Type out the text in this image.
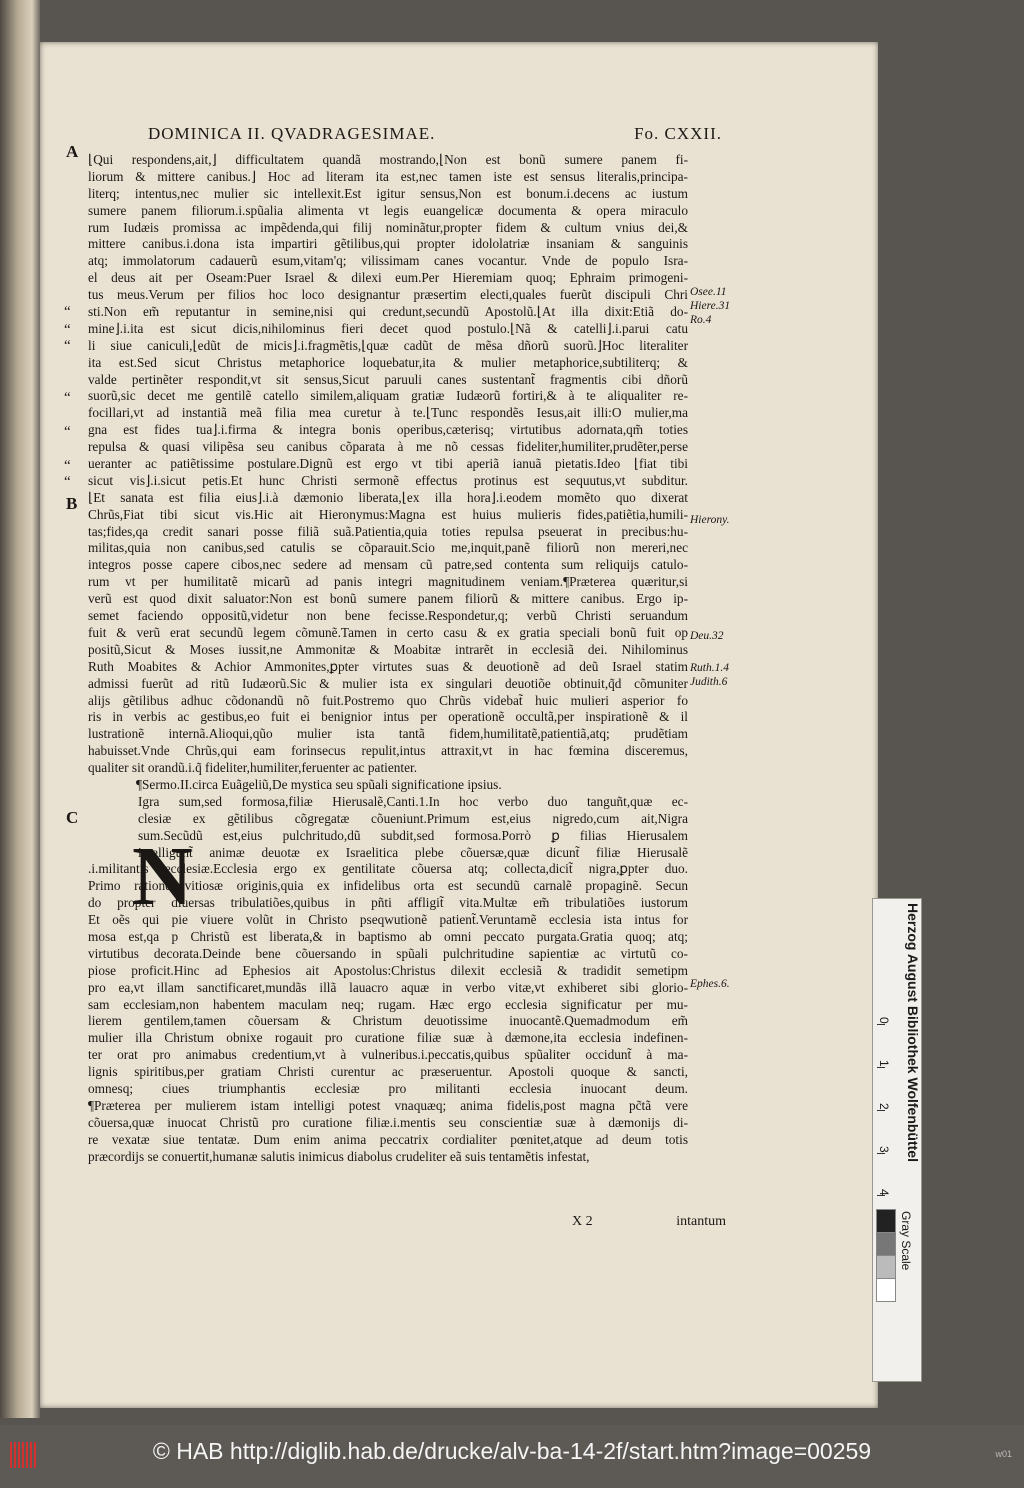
DOMINICA II. QVADRAGESIMAE.	Fo. CXXII.
A
B
C
“
“
“
“
“
“
“
⌊Qui respondens,ait,⌋ difficultatem quandã mostrando,⌊Non est bonũ sumere panem fi-
liorum & mittere canibus.⌋ Hoc ad literam ita est,nec tamen iste est sensus literalis,principa-
literq; intentus,nec mulier sic intellexit.Est igitur sensus,Non est bonum.i.decens ac iustum
sumere panem filiorum.i.spũalia alimenta vt legis euangelicæ documenta & opera miraculo
rum Iudæis promissa ac impẽdenda,qui filij nominãtur,propter fidem & cultum vnius dei,&
mittere canibus.i.dona ista impartiri gẽtilibus,qui propter idololatriæ insaniam & sanguinis
atq; immolatorum cadauerũ esum,vitam'q; vilissimam canes vocantur. Vnde de populo Isra-
el deus ait per Oseam:Puer Israel & dilexi eum.Per Hieremiam quoq; Ephraim primogeni-
tus meus.Verum per filios hoc loco designantur præsertim electi,quales fuerũt discipuli Chri
sti.Non em̃ reputantur in semine,nisi qui credunt,secundũ Apostolũ.⌊At illa dixit:Etiã do-
mine⌋.i.ita est sicut dicis,nihilominus fieri decet quod postulo.⌊Nã & catelli⌋.i.parui catu
li siue caniculi,⌊edũt de micis⌋.i.fragmẽtis,⌊quæ cadũt de mẽsa dñorũ suorũ.⌋Hoc literaliter
ita est.Sed sicut Christus metaphorice loquebatur,ita & mulier metaphorice,subtiliterq; &
valde pertinẽter respondit,vt sit sensus,Sicut paruuli canes sustentant̃ fragmentis cibi dñorũ
suorũ,sic decet me gentilẽ catello similem,aliquam gratiæ Iudæorũ fortiri,& à te aliqualiter re-
focillari,vt ad instantiã meã filia mea curetur à te.⌊Tunc respondẽs Iesus,ait illi:O mulier,ma
gna est fides tua⌋.i.firma & integra bonis operibus,cæterisq; virtutibus adornata,qm̃ toties
repulsa & quasi vilipẽsa seu canibus cõparata à me nõ cessas fideliter,humiliter,prudẽter,perse
ueranter ac patiẽtissime postulare.Dignũ est ergo vt tibi aperiã ianuã pietatis.Ideo ⌊fiat tibi
sicut vis⌋.i.sicut petis.Et hunc Christi sermonẽ effectus protinus est sequutus,vt subditur.
⌊Et sanata est filia eius⌋.i.à dæmonio liberata,⌊ex illa hora⌋.i.eodem momẽto quo dixerat
Chrũs,Fiat tibi sicut vis.Hic ait Hieronymus:Magna est huius mulieris fides,patiẽtia,humili-
tas;fides,qa credit sanari posse filiã suã.Patientia,quia toties repulsa pseuerat in precibus:hu-
militas,quia non canibus,sed catulis se cõparauit.Scio me,inquit,panẽ filiorũ non mereri,nec
integros posse capere cibos,nec sedere ad mensam cũ patre,sed contenta sum reliquijs catulo-
rum vt per humilitatẽ micarũ ad panis integri magnitudinem veniam.¶Præterea quæritur,si
verũ est quod dixit saluator:Non est bonũ sumere panem filiorũ & mittere canibus. Ergo ip-
semet faciendo oppositũ,videtur non bene fecisse.Respondetur,q; verbũ Christi seruandum
fuit & verũ erat secundũ legem cõmunẽ.Tamen in certo casu & ex gratia speciali bonũ fuit op
positũ,Sicut & Moses iussit,ne Ammonitæ & Moabitæ intrarẽt in ecclesiã dei. Nihilominus
Ruth Moabites & Achior Ammonites,ꝑpter virtutes suas & deuotionẽ ad deũ Israel statim
admissi fuerũt ad ritũ Iudæorũ.Sic & mulier ista ex singulari deuotiõe obtinuit,q̃d cõmuniter
alijs gẽtilibus adhuc cõdonandũ nõ fuit.Postremo quo Chrũs videbat̃ huic mulieri asperior fo
ris in verbis ac gestibus,eo fuit ei benignior intus per operationẽ occultã,per inspirationẽ & il
lustrationẽ internã.Alioqui,qũo mulier ista tantã fidem,humilitatẽ,patientiã,atq; prudẽtiam
habuisset.Vnde Chrũs,qui eam forinsecus repulit,intus attraxit,vt in hac fœmina disceremus,
qualiter sit orandũ.i.q̃ fideliter,humiliter,feruenter ac patienter.
¶Sermo.II.circa Euãgeliũ,De mystica seu spũali significatione ipsius.
Igra sum,sed formosa,filiæ Hierusalẽ,Canti.1.In hoc verbo duo tanguñt,quæ ec-
clesiæ ex gẽtilibus cõgregatæ cõueniunt.Primum est,eius nigredo,cum ait,Nigra
sum.Secũdũ est,eius pulchritudo,dũ subdit,sed formosa.Porrò ꝑ filias Hierusalem
intelligunt̃ animæ deuotæ ex Israelitica plebe cõuersæ,quæ dicunt̃ filiæ Hierusalẽ
.i.militantis ecclesiæ.Ecclesia ergo ex gentilitate cõuersa atq; collecta,dicit̃ nigra,ꝑpter duo.
Primo ratione vitiosæ originis,quia ex infidelibus orta est secundũ carnalẽ propaginẽ. Secun
do propter diuersas tribulatiões,quibus in pñti affligit̃ vita.Multæ em̃ tribulatiões iustorum
Et oẽs qui pie viuere volũt in Christo pseqwutionẽ patient̃.Veruntamẽ ecclesia ista intus for
mosa est,qa p Christũ est liberata,& in baptismo ab omni peccato purgata.Gratia quoq; atq;
virtutibus decorata.Deinde bene cõuersando in spũali pulchritudine sapientiæ ac virtutũ co-
piose proficit.Hinc ad Ephesios ait Apostolus:Christus dilexit ecclesiã & tradidit semetipm
pro ea,vt illam sanctificaret,mundãs illã lauacro aquæ in verbo vitæ,vt exhiberet sibi glorio-
sam ecclesiam,non habentem maculam neq; rugam. Hæc ergo ecclesia significatur per mu-
lierem gentilem,tamen cõuersam & Christum deuotissime inuocantẽ.Quemadmodum em̃
mulier illa Christum obnixe rogauit pro curatione filiæ suæ à dæmone,ita ecclesia indefinen-
ter orat pro animabus credentium,vt à vulneribus.i.peccatis,quibus spũaliter occidunt̃ à ma-
lignis spiritibus,per gratiam Christi curentur ac præseruentur. Apostoli quoque & sancti,
omnesq; ciues triumphantis ecclesiæ pro militanti ecclesia inuocant deum.
¶Præterea per mulierem istam intelligi potest vnaquæq; anima fidelis,post magna pc̃tã vere
cõuersa,quæ inuocat Christũ pro curatione filiæ.i.mentis seu conscientiæ suæ à dæmonijs di-
re vexatæ siue tentatæ. Dum enim anima peccatrix cordialiter pœnitet,atque ad deum totis
præcordijs se conuertit,humanæ salutis inimicus diabolus crudeliter eã suis tentamẽtis infestat,
N
Osee.11
Hiere.31
Ro.4
Hierony.
Deu.32
Ruth.1.4
Judith.6
Ephes.6.
X 2	intantum
Herzog August Bibliothek Wolfenbüttel
0
1
2
3
4
Gray Scale
© HAB http://diglib.hab.de/drucke/alv-ba-14-2f/start.htm?image=00259	w01
